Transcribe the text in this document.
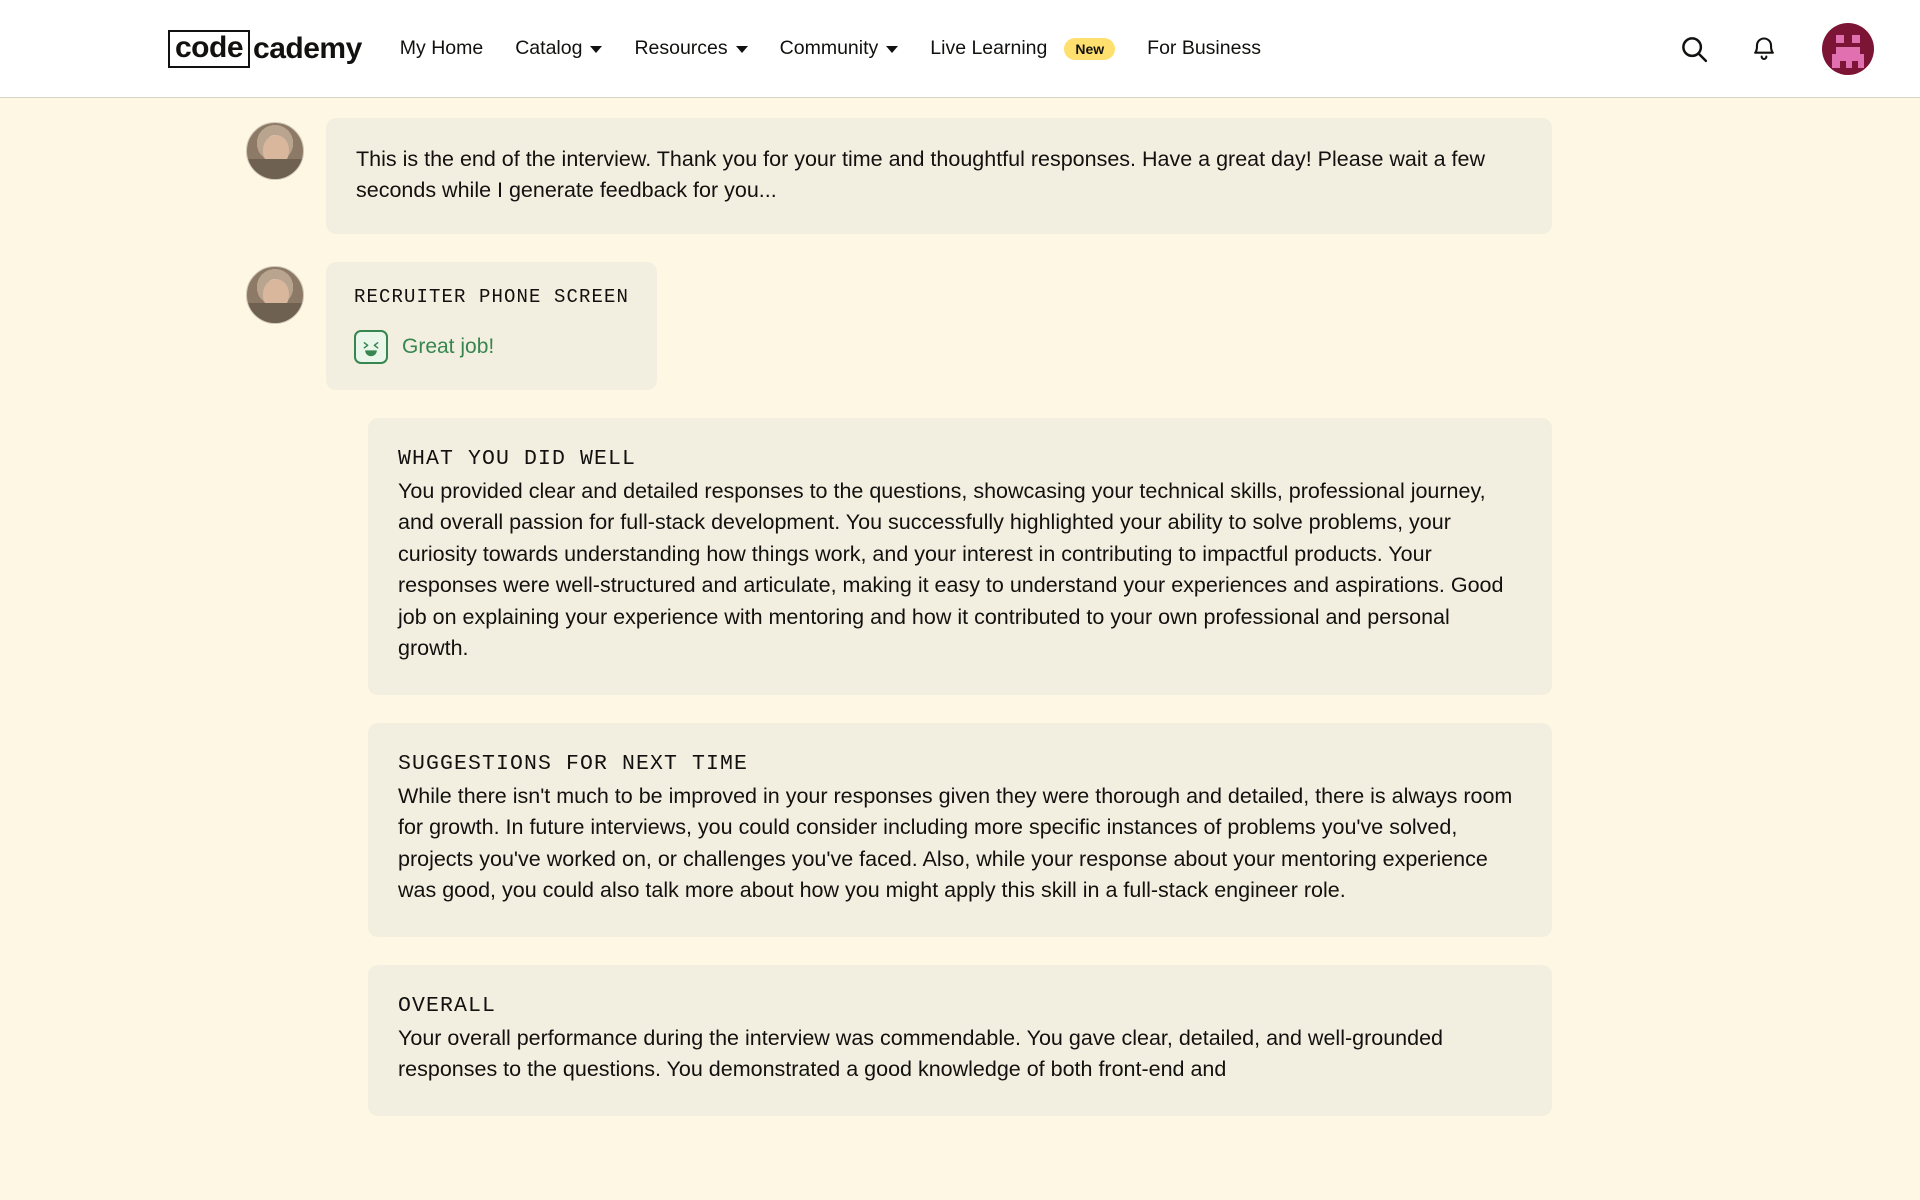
code cademy My Home Catalog	Resources	Community	Live Learning	New	For Business

This is the end of the interview. Thank you for your time and thoughtful responses. Have a great day! Please wait a few seconds while I generate feedback for you...

RECRUITER PHONE SCREEN

Great job!

WHAT YOU DID WELL

You provided clear and detailed responses to the questions, showcasing your technical skills, professional journey, and overall passion for full-stack development. You successfully highlighted your ability to solve problems, your curiosity towards understanding how things work, and your interest in contributing to impactful products. Your responses were well-structured and articulate, making it easy to understand your experiences and aspirations. Good job on explaining your experience with mentoring and how it contributed to your own professional and personal growth.

SUGGESTIONS FOR NEXT TIME

While there isn't much to be improved in your responses given they were thorough and detailed, there is always room for growth. In future interviews, you could consider including more specific instances of problems you've solved, projects you've worked on, or challenges you've faced. Also, while your response about your mentoring experience was good, you could also talk more about how you might apply this skill in a full-stack engineer role.

OVERALL

Your overall performance during the interview was commendable. You gave clear, detailed, and well-grounded responses to the questions. You demonstrated a good knowledge of both front-end and
